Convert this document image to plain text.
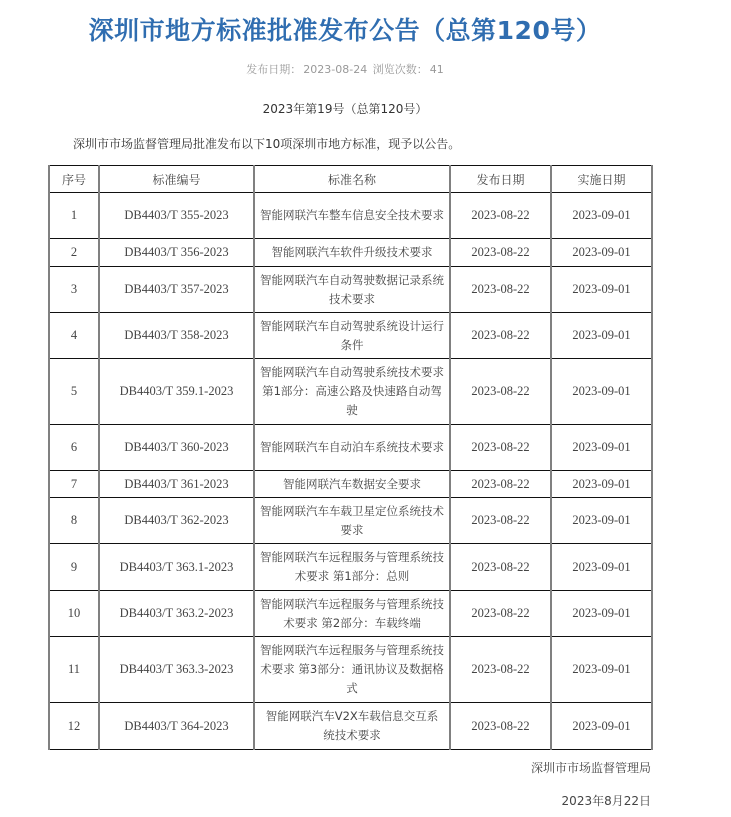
深圳市地方标准批准发布公告（总第120号）
发布日期： 2023-08-24 浏览次数： 41
2023年第19号（总第120号）
深圳市市场监督管理局批准发布以下10项深圳市地方标准，现予以公告。
序号	标准编号	标准名称	发布日期	实施日期
1	DB4403/T 355-2023	智能网联汽车整车信息安全技术要求	2023-08-22	2023-09-01
2	DB4403/T 356-2023	智能网联汽车软件升级技术要求	2023-08-22	2023-09-01
3	DB4403/T 357-2023	智能网联汽车自动驾驶数据记录系统技术要求	2023-08-22	2023-09-01
4	DB4403/T 358-2023	智能网联汽车自动驾驶系统设计运行条件	2023-08-22	2023-09-01
5	DB4403/T 359.1-2023	智能网联汽车自动驾驶系统技术要求 第1部分：高速公路及快速路自动驾驶	2023-08-22	2023-09-01
6	DB4403/T 360-2023	智能网联汽车自动泊车系统技术要求	2023-08-22	2023-09-01
7	DB4403/T 361-2023	智能网联汽车数据安全要求	2023-08-22	2023-09-01
8	DB4403/T 362-2023	智能网联汽车车载卫星定位系统技术要求	2023-08-22	2023-09-01
9	DB4403/T 363.1-2023	智能网联汽车远程服务与管理系统技术要求 第1部分：总则	2023-08-22	2023-09-01
10	DB4403/T 363.2-2023	智能网联汽车远程服务与管理系统技术要求 第2部分：车载终端	2023-08-22	2023-09-01
11	DB4403/T 363.3-2023	智能网联汽车远程服务与管理系统技术要求 第3部分：通讯协议及数据格式	2023-08-22	2023-09-01
12	DB4403/T 364-2023	智能网联汽车V2X车载信息交互系统技术要求	2023-08-22	2023-09-01
深圳市市场监督管理局
2023年8月22日
